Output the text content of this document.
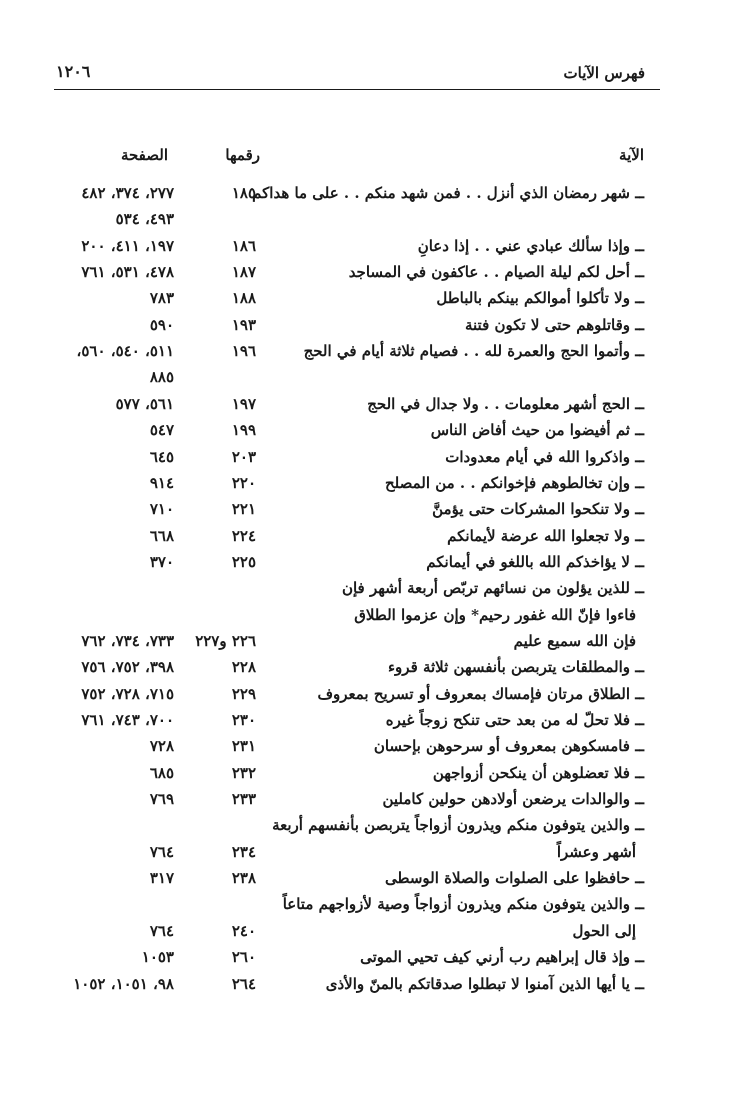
فهرس الآيات
١٢٠٦
الآية
رقمها
الصفحة
ــ شهر رمضان الذي أنزل . . فمن شهد منكم . . على ما هداكم
١٨٥
٢٧٧، ٣٧٤، ٤٨٢
٤٩٣، ٥٣٤
ــ وإذا سألك عبادي عني . . إذا دعانِ
١٨٦
١٩٧، ٤١١، ٢٠٠
ــ أحل لكم ليلة الصيام . . عاكفون في المساجد
١٨٧
٤٧٨، ٥٣١، ٧٦١
ــ ولا تأكلوا أموالكم بينكم بالباطل
١٨٨
٧٨٣
ــ وقاتلوهم حتى لا تكون فتنة
١٩٣
٥٩٠
ــ وأتموا الحج والعمرة لله . . فصيام ثلاثة أيام في الحج
١٩٦
٥١١، ٥٤٠، ٥٦٠،
٨٨٥
ــ الحج أشهر معلومات . . ولا جدال في الحج
١٩٧
٥٦١، ٥٧٧
ــ ثم أفيضوا من حيث أفاض الناس
١٩٩
٥٤٧
ــ واذكروا الله في أيام معدودات
٢٠٣
٦٤٥
ــ وإن تخالطوهم فإخوانكم . . من المصلح
٢٢٠
٩١٤
ــ ولا تنكحوا المشركات حتى يؤمنَّ
٢٢١
٧١٠
ــ ولا تجعلوا الله عرضة لأيمانكم
٢٢٤
٦٦٨
ــ لا يؤاخذكم الله باللغو في أيمانكم
٢٢٥
٣٧٠
ــ للذين يؤلون من نسائهم تربّص أربعة أشهر فإن
فاءوا فإنّ الله غفور رحيم* وإن عزموا الطلاق
فإن الله سميع عليم
٢٢٦ و٢٢٧
٧٣٣، ٧٣٤، ٧٦٢
ــ والمطلقات يتربصن بأنفسهن ثلاثة قروء
٢٢٨
٣٩٨، ٧٥٢، ٧٥٦
ــ الطلاق مرتان فإمساك بمعروف أو تسريح بمعروف
٢٢٩
٧١٥، ٧٢٨، ٧٥٢
ــ فلا تحلّ له من بعد حتى تنكح زوجاً غيره
٢٣٠
٧٠٠، ٧٤٣، ٧٦١
ــ فامسكوهن بمعروف أو سرحوهن بإحسان
٢٣١
٧٢٨
ــ فلا تعضلوهن أن ينكحن أزواجهن
٢٣٢
٦٨٥
ــ والوالدات يرضعن أولادهن حولين كاملين
٢٣٣
٧٦٩
ــ والذين يتوفون منكم ويذرون أزواجاً يتربصن بأنفسهم أربعة
أشهر وعشراً
٢٣٤
٧٦٤
ــ حافظوا على الصلوات والصلاة الوسطى
٢٣٨
٣١٧
ــ والذين يتوفون منكم ويذرون أزواجاً وصية لأزواجهم متاعاً
إلى الحول
٢٤٠
٧٦٤
ــ وإذ قال إبراهيم رب أرني كيف تحيي الموتى
٢٦٠
١٠٥٣
ــ يا أيها الذين آمنوا لا تبطلوا صدقاتكم بالمنّ والأذى
٢٦٤
٩٨، ١٠٥١، ١٠٥٢
